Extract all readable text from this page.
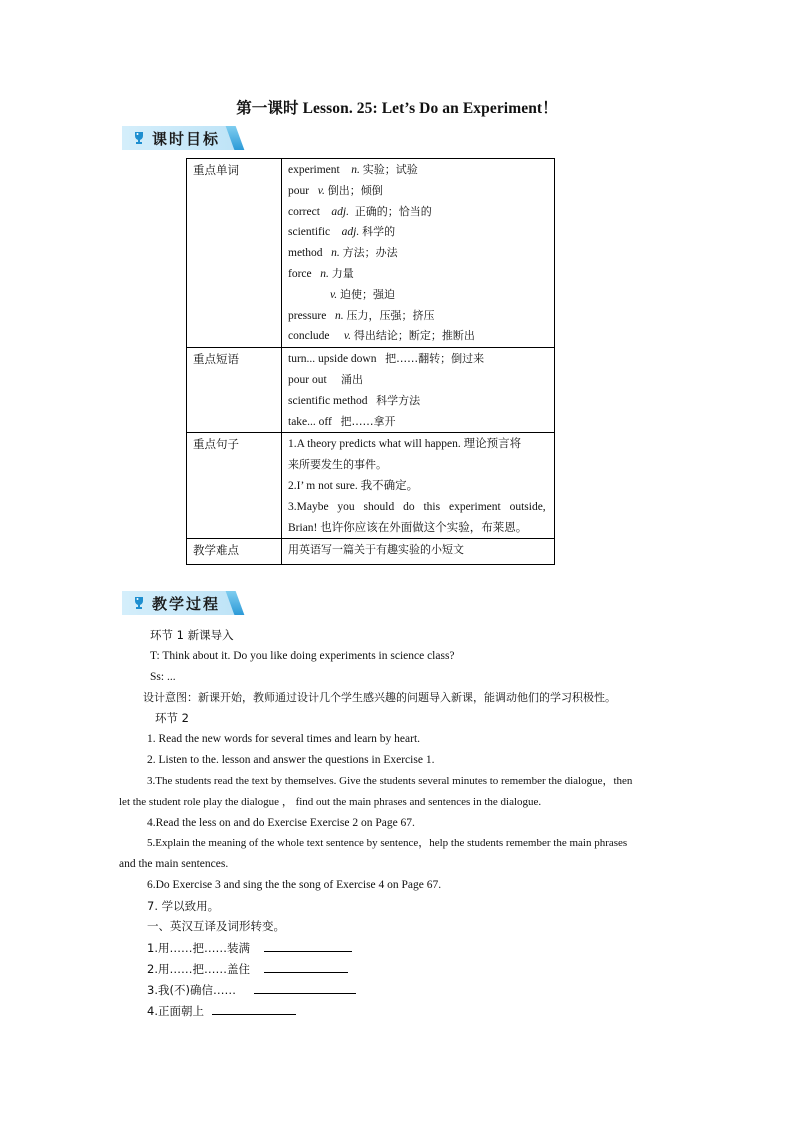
第一课时 Lesson. 25: Let’s Do an Experiment！
课时目标
重点单词	experiment n. 实验；试验
pour v. 倒出；倾倒
correct adj. 正确的；恰当的
scientific adj. 科学的
method n. 方法；办法
force n. 力量
v. 迫使；强迫
pressure n. 压力，压强；挤压
conclude v. 得出结论；断定；推断出

重点短语	turn... upside down 把……翻转；倒过来
pour out 涌出
scientific method 科学方法
take... off 把……拿开

重点句子	1.A theory predicts what will happen. 理论预言将
来所要发生的事件。
2.I’ m not sure. 我不确定。
3.Maybe you should do this experiment outside,
Brian! 也许你应该在外面做这个实验，布莱恩。

教学难点	用英语写一篇关于有趣实验的小短文
教学过程
环节 1 新课导入
T: Think about it. Do you like doing experiments in science class?
Ss: ...
设计意图：新课开始，教师通过设计几个学生感兴趣的问题导入新课，能调动他们的学习积极性。
环节 2
1. Read the new words for several times and learn by heart.
2. Listen to the. lesson and answer the questions in Exercise 1.
3.The students read the text by themselves. Give the students several minutes to remember the dialogue，then
let the student role play the dialogue ， find out the main phrases and sentences in the dialogue.
4.Read the less on and do Exercise Exercise 2 on Page 67.
5.Explain the meaning of the whole text sentence by sentence，help the students remember the main phrases
and the main sentences.
6.Do Exercise 3 and sing the the song of Exercise 4 on Page 67.
7. 学以致用。
一、英汉互译及词形转变。
1.用……把……装满
2.用……把……盖住
3.我(不)确信……
4.正面朝上
